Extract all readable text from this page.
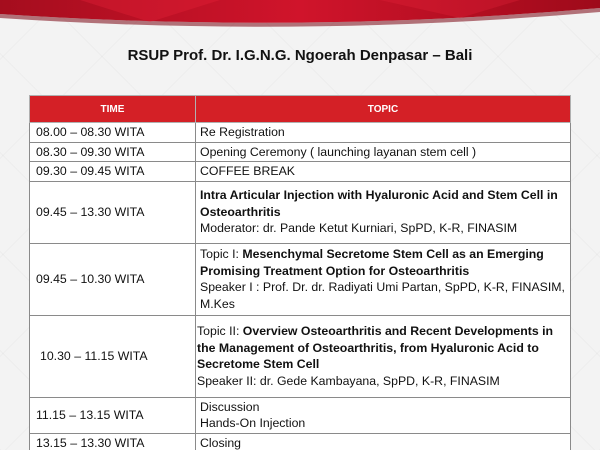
RSUP Prof. Dr. I.G.N.G. Ngoerah Denpasar – Bali
TIME	TOPIC
08.00 – 08.30 WITA	Re Registration
08.30 – 09.30 WITA	Opening Ceremony ( launching layanan stem cell )
09.30 – 09.45 WITA	COFFEE BREAK
09.45 – 13.30 WITA	Intra Articular Injection with Hyaluronic Acid and Stem Cell in Osteoarthritis
Moderator: dr. Pande Ketut Kurniari, SpPD, K-R, FINASIM

09.45 – 10.30 WITA	Topic I: Mesenchymal Secretome Stem Cell as an Emerging Promising Treatment Option for Osteoarthritis
Speaker I : Prof. Dr. dr. Radiyati Umi Partan, SpPD, K-R, FINASIM, M.Kes

10.30 – 11.15 WITA	Topic II: Overview Osteoarthritis and Recent Developments in the Management of Osteoarthritis, from Hyaluronic Acid to Secretome Stem Cell
Speaker II: dr. Gede Kambayana, SpPD, K-R, FINASIM

11.15 – 13.15 WITA	Discussion
Hands-On Injection

13.15 – 13.30 WITA	Closing
